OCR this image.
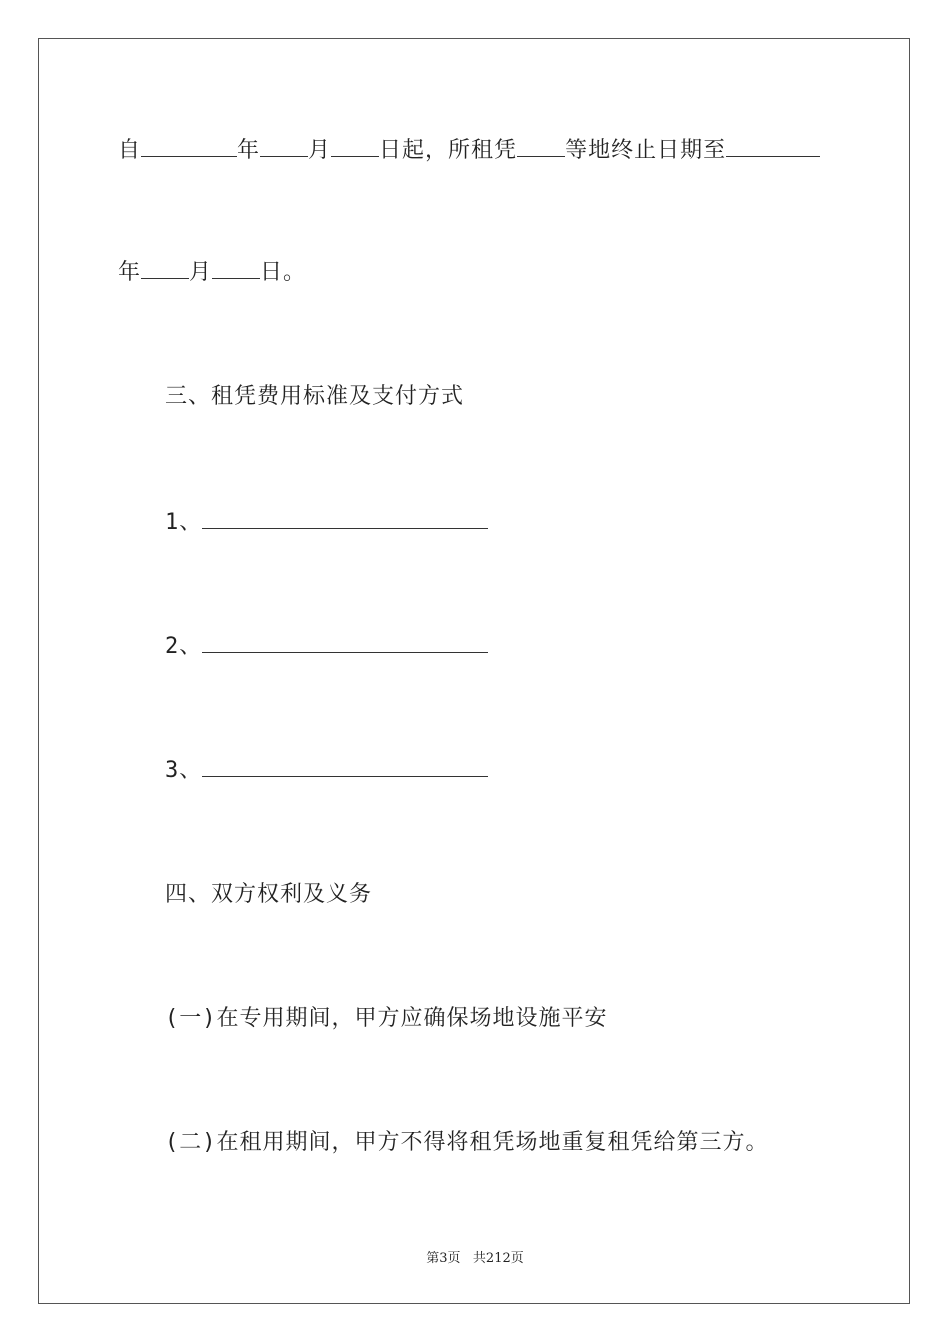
自	年 月 日起，所租凭 等地终止日期至
年 月 日。
三、租凭费用标准及支付方式
1、
2、
3、
四、双方权利及义务
(一)在专用期间，甲方应确保场地设施平安
(二)在租用期间，甲方不得将租凭场地重复租凭给第三方。
第3页 共212页
